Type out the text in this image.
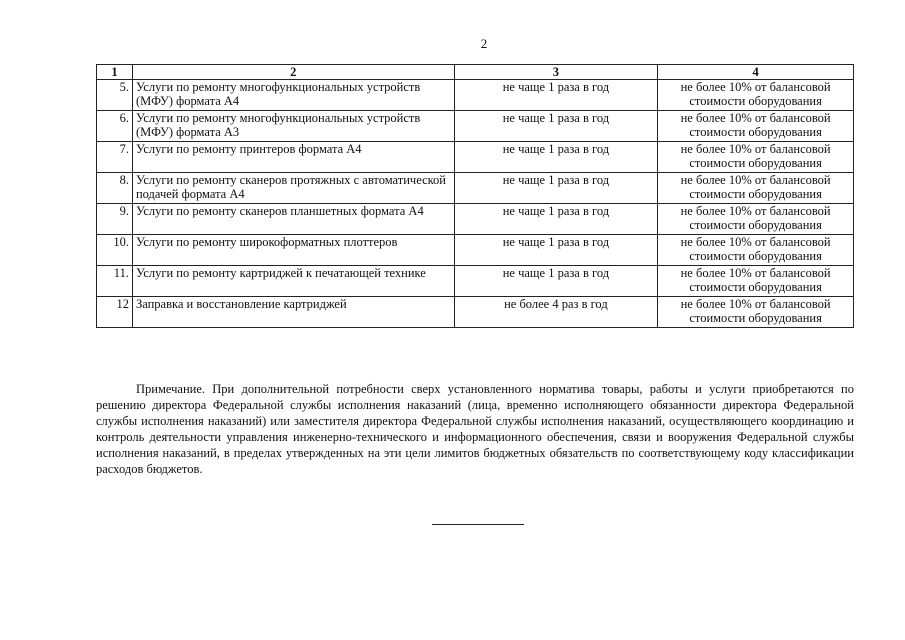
2
1	2	3	4
5.	Услуги по ремонту многофункциональных устройств (МФУ) формата А4	не чаще 1 раза в год	не более 10% от балансовой стоимости оборудования
6.	Услуги по ремонту многофункциональных устройств (МФУ) формата А3	не чаще 1 раза в год	не более 10% от балансовой стоимости оборудования
7.	Услуги по ремонту принтеров формата А4	не чаще 1 раза в год	не более 10% от балансовой стоимости оборудования
8.	Услуги по ремонту сканеров протяжных с автоматической подачей формата А4	не чаще 1 раза в год	не более 10% от балансовой стоимости оборудования
9.	Услуги по ремонту сканеров планшетных формата А4	не чаще 1 раза в год	не более 10% от балансовой стоимости оборудования
10.	Услуги по ремонту широкоформатных плоттеров	не чаще 1 раза в год	не более 10% от балансовой стоимости оборудования
11.	Услуги по ремонту картриджей к печатающей технике	не чаще 1 раза в год	не более 10% от балансовой стоимости оборудования
12	Заправка и восстановление картриджей	не более 4 раз в год	не более 10% от балансовой стоимости оборудования

Примечание. При дополнительной потребности сверх установленного норматива товары, работы и услуги приобретаются по решению директора Федеральной службы исполнения наказаний (лица, временно исполняющего обязанности директора Федеральной службы исполнения наказаний) или заместителя директора Федеральной службы исполнения наказаний, осуществляющего координацию и контроль деятельности управления инженерно-технического и информационного обеспечения, связи и вооружения Федеральной службы исполнения наказаний, в пределах утвержденных на эти цели лимитов бюджетных обязательств по соответствующему коду классификации расходов бюджетов.
